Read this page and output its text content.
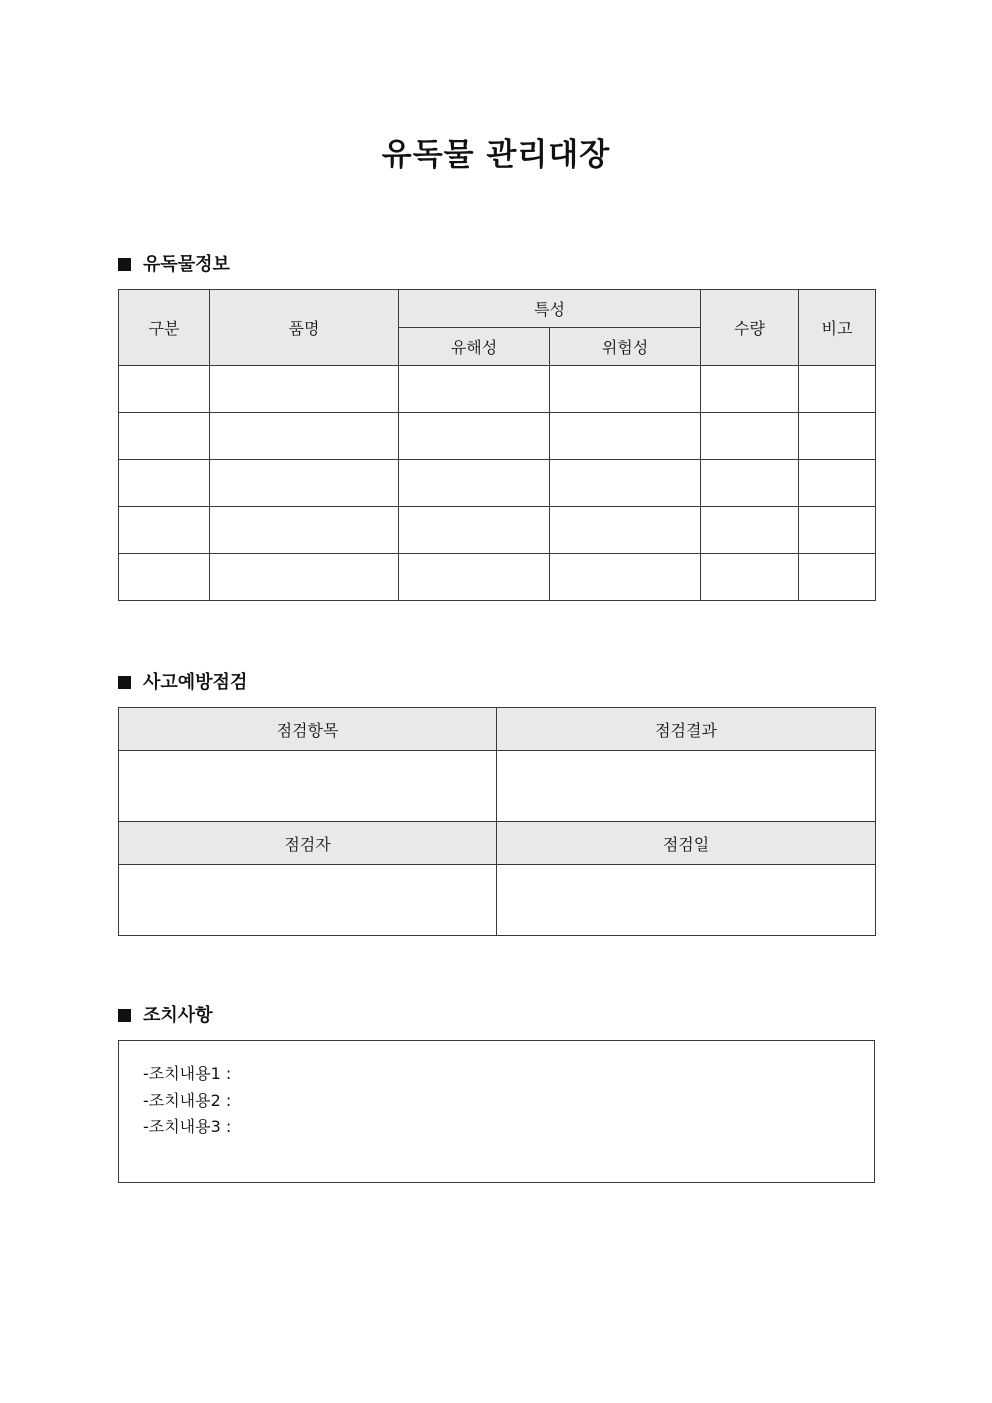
유독물 관리대장
유독물정보
구분	품명	특성		수량	비고
		유해성	위험성		

사고예방점검
점검항목	점검결과

점검자	점검일

조치사항
-조치내용1 :
-조치내용2 :
-조치내용3 :
